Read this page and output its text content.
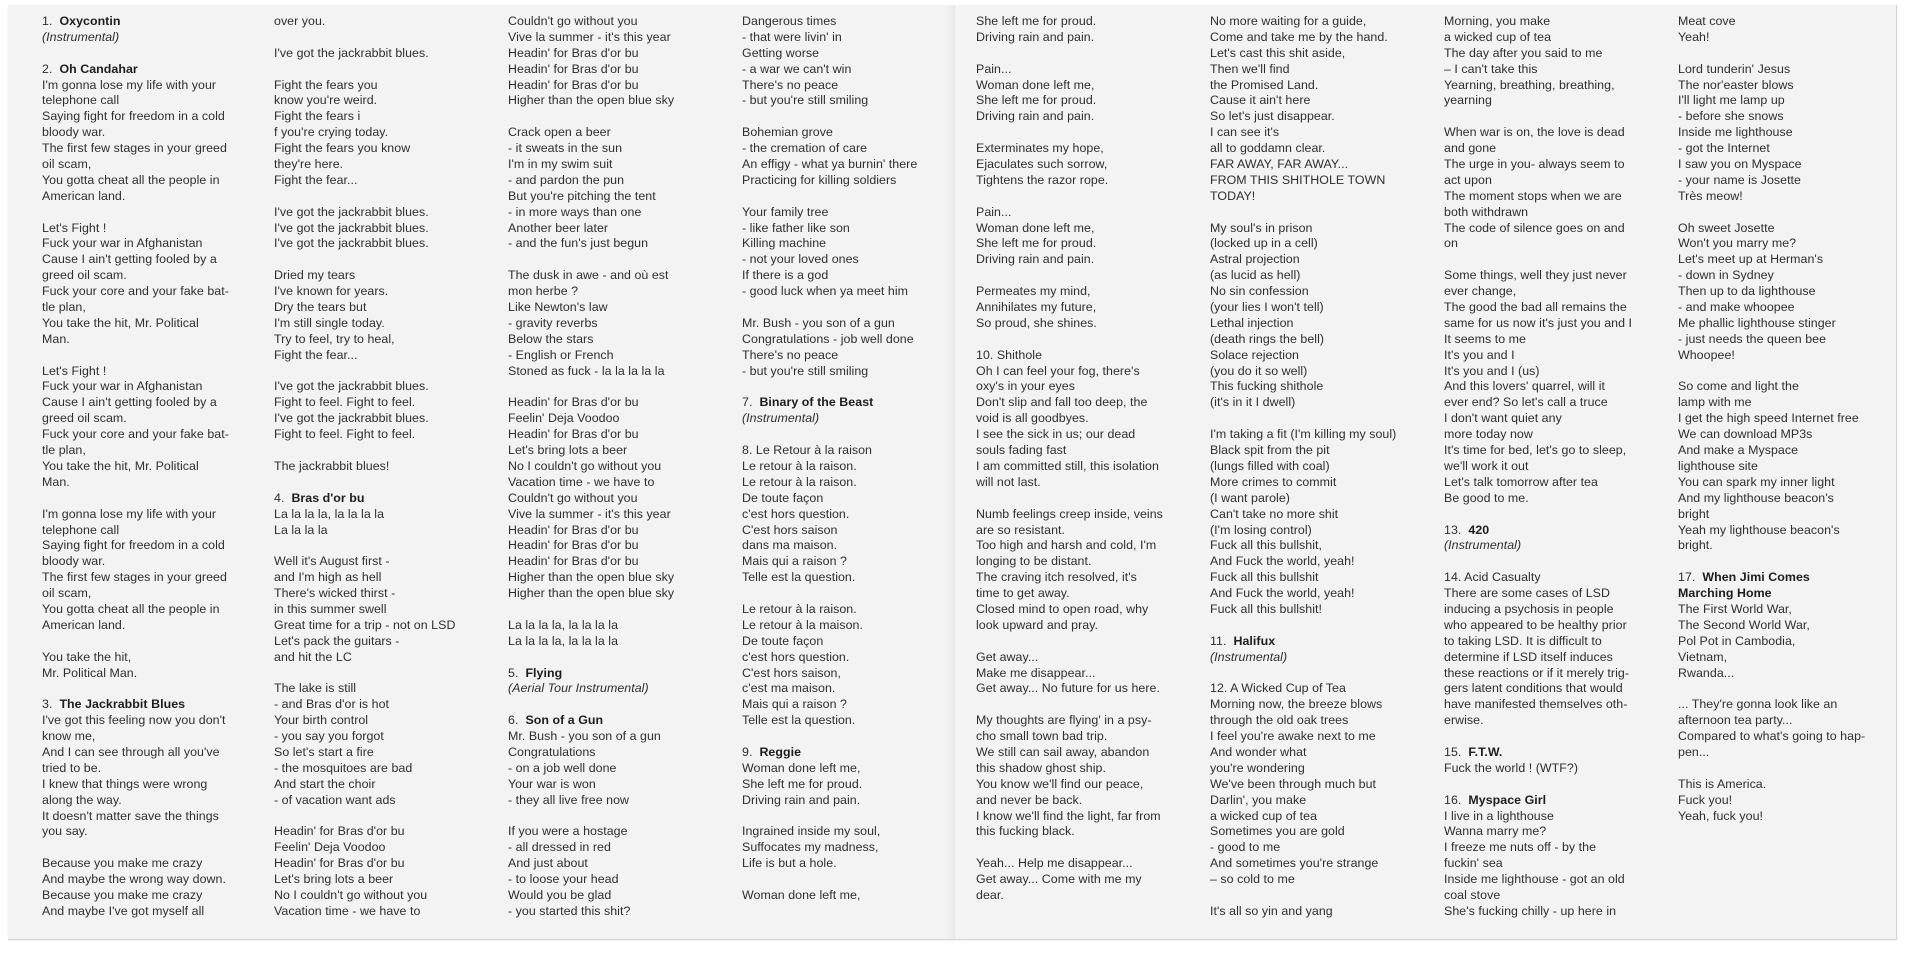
1. Oxycontin
(Instrumental)
2. Oh Candahar
I'm gonna lose my life with your
telephone call
Saying fight for freedom in a cold
bloody war.
The first few stages in your greed
oil scam,
You gotta cheat all the people in
American land.
Let's Fight !
Fuck your war in Afghanistan
Cause I ain't getting fooled by a
greed oil scam.
Fuck your core and your fake bat-
tle plan,
You take the hit, Mr. Political
Man.
Let's Fight !
Fuck your war in Afghanistan
Cause I ain't getting fooled by a
greed oil scam.
Fuck your core and your fake bat-
tle plan,
You take the hit, Mr. Political
Man.
I'm gonna lose my life with your
telephone call
Saying fight for freedom in a cold
bloody war.
The first few stages in your greed
oil scam,
You gotta cheat all the people in
American land.
You take the hit,
Mr. Political Man.
3. The Jackrabbit Blues
I've got this feeling now you don't
know me,
And I can see through all you've
tried to be.
I knew that things were wrong
along the way.
It doesn't matter save the things
you say.
Because you make me crazy
And maybe the wrong way down.
Because you make me crazy
And maybe I've got myself all
over you.
I've got the jackrabbit blues.
Fight the fears you
know you're weird.
Fight the fears i
f you're crying today.
Fight the fears you know
they're here.
Fight the fear...
I've got the jackrabbit blues.
I've got the jackrabbit blues.
I've got the jackrabbit blues.
Dried my tears
I've known for years.
Dry the tears but
I'm still single today.
Try to feel, try to heal,
Fight the fear...
I've got the jackrabbit blues.
Fight to feel. Fight to feel.
I've got the jackrabbit blues.
Fight to feel. Fight to feel.
The jackrabbit blues!
4. Bras d'or bu
La la la la, la la la la
La la la la
Well it's August first -
and I'm high as hell
There's wicked thirst -
in this summer swell
Great time for a trip - not on LSD
Let's pack the guitars -
and hit the LC
The lake is still
- and Bras d'or is hot
Your birth control
- you say you forgot
So let's start a fire
- the mosquitoes are bad
And start the choir
- of vacation want ads
Headin' for Bras d'or bu
Feelin' Deja Voodoo
Headin' for Bras d'or bu
Let's bring lots a beer
No I couldn't go without you
Vacation time - we have to
Couldn't go without you
Vive la summer - it's this year
Headin' for Bras d'or bu
Headin' for Bras d'or bu
Headin' for Bras d'or bu
Higher than the open blue sky
Crack open a beer
- it sweats in the sun
I'm in my swim suit
- and pardon the pun
But you're pitching the tent
- in more ways than one
Another beer later
- and the fun's just begun
The dusk in awe - and où est
mon herbe ?
Like Newton's law
- gravity reverbs
Below the stars
- English or French
Stoned as fuck - la la la la la
Headin' for Bras d'or bu
Feelin' Deja Voodoo
Headin' for Bras d'or bu
Let's bring lots a beer
No I couldn't go without you
Vacation time - we have to
Couldn't go without you
Vive la summer - it's this year
Headin' for Bras d'or bu
Headin' for Bras d'or bu
Headin' for Bras d'or bu
Higher than the open blue sky
Higher than the open blue sky
La la la la, la la la la
La la la la, la la la la
5. Flying
(Aerial Tour Instrumental)
6. Son of a Gun
Mr. Bush - you son of a gun
Congratulations
- on a job well done
Your war is won
- they all live free now
If you were a hostage
- all dressed in red
And just about
- to loose your head
Would you be glad
- you started this shit?
Dangerous times
- that were livin' in
Getting worse
- a war we can't win
There's no peace
- but you're still smiling
Bohemian grove
- the cremation of care
An effigy - what ya burnin' there
Practicing for killing soldiers
Your family tree
- like father like son
Killing machine
- not your loved ones
If there is a god
- good luck when ya meet him
Mr. Bush - you son of a gun
Congratulations - job well done
There's no peace
- but you're still smiling
7. Binary of the Beast
(Instrumental)
8. Le Retour à la raison
Le retour à la raison.
Le retour à la raison.
De toute façon
c'est hors question.
C'est hors saison
dans ma maison.
Mais qui a raison ?
Telle est la question.
Le retour à la raison.
Le retour à la maison.
De toute façon
c'est hors question.
C'est hors saison,
c'est ma maison.
Mais qui a raison ?
Telle est la question.
9. Reggie
Woman done left me,
She left me for proud.
Driving rain and pain.
Ingrained inside my soul,
Suffocates my madness,
Life is but a hole.
Woman done left me,
She left me for proud.
Driving rain and pain.
Pain...
Woman done left me,
She left me for proud.
Driving rain and pain.
Exterminates my hope,
Ejaculates such sorrow,
Tightens the razor rope.
Pain...
Woman done left me,
She left me for proud.
Driving rain and pain.
Permeates my mind,
Annihilates my future,
So proud, she shines.
10. Shithole
Oh I can feel your fog, there's
oxy's in your eyes
Don't slip and fall too deep, the
void is all goodbyes.
I see the sick in us; our dead
souls fading fast
I am committed still, this isolation
will not last.
Numb feelings creep inside, veins
are so resistant.
Too high and harsh and cold, I'm
longing to be distant.
The craving itch resolved, it's
time to get away.
Closed mind to open road, why
look upward and pray.
Get away...
Make me disappear...
Get away... No future for us here.
My thoughts are flying' in a psy-
cho small town bad trip.
We still can sail away, abandon
this shadow ghost ship.
You know we'll find our peace,
and never be back.
I know we'll find the light, far from
this fucking black.
Yeah... Help me disappear...
Get away... Come with me my
dear.
No more waiting for a guide,
Come and take me by the hand.
Let's cast this shit aside,
Then we'll find
the Promised Land.
Cause it ain't here
So let's just disappear.
I can see it's
all to goddamn clear.
FAR AWAY, FAR AWAY...
FROM THIS SHITHOLE TOWN
TODAY!
My soul's in prison
(locked up in a cell)
Astral projection
(as lucid as hell)
No sin confession
(your lies I won't tell)
Lethal injection
(death rings the bell)
Solace rejection
(you do it so well)
This fucking shithole
(it's in it I dwell)
I'm taking a fit (I'm killing my soul)
Black spit from the pit
(lungs filled with coal)
More crimes to commit
(I want parole)
Can't take no more shit
(I'm losing control)
Fuck all this bullshit,
And Fuck the world, yeah!
Fuck all this bullshit
And Fuck the world, yeah!
Fuck all this bullshit!
11. Halifux
(Instrumental)
12. A Wicked Cup of Tea
Morning now, the breeze blows
through the old oak trees
I feel you're awake next to me
And wonder what
you're wondering
We've been through much but
Darlin', you make
a wicked cup of tea
Sometimes you are gold
- good to me
And sometimes you're strange
– so cold to me
It's all so yin and yang
Morning, you make
a wicked cup of tea
The day after you said to me
– I can't take this
Yearning, breathing, breathing,
yearning
When war is on, the love is dead
and gone
The urge in you- always seem to
act upon
The moment stops when we are
both withdrawn
The code of silence goes on and
on
Some things, well they just never
ever change,
The good the bad all remains the
same for us now it's just you and I
It seems to me
It's you and I
It's you and I (us)
And this lovers' quarrel, will it
ever end? So let's call a truce
I don't want quiet any
more today now
It's time for bed, let's go to sleep,
we'll work it out
Let's talk tomorrow after tea
Be good to me.
13. 420
(Instrumental)
14. Acid Casualty
There are some cases of LSD
inducing a psychosis in people
who appeared to be healthy prior
to taking LSD. It is difficult to
determine if LSD itself induces
these reactions or if it merely trig-
gers latent conditions that would
have manifested themselves oth-
erwise.
15. F.T.W.
Fuck the world ! (WTF?)
16. Myspace Girl
I live in a lighthouse
Wanna marry me?
I freeze me nuts off - by the
fuckin' sea
Inside me lighthouse - got an old
coal stove
She's fucking chilly - up here in
Meat cove
Yeah!
Lord tunderin' Jesus
The nor'easter blows
I'll light me lamp up
- before she snows
Inside me lighthouse
- got the Internet
I saw you on Myspace
- your name is Josette
Très meow!
Oh sweet Josette
Won't you marry me?
Let's meet up at Herman's
- down in Sydney
Then up to da lighthouse
- and make whoopee
Me phallic lighthouse stinger
- just needs the queen bee
Whoopee!
So come and light the
lamp with me
I get the high speed Internet free
We can download MP3s
And make a Myspace
lighthouse site
You can spark my inner light
And my lighthouse beacon's
bright
Yeah my lighthouse beacon's
bright.
17. When Jimi Comes
Marching Home
The First World War,
The Second World War,
Pol Pot in Cambodia,
Vietnam,
Rwanda...
... They're gonna look like an
afternoon tea party...
Compared to what's going to hap-
pen...
This is America.
Fuck you!
Yeah, fuck you!
